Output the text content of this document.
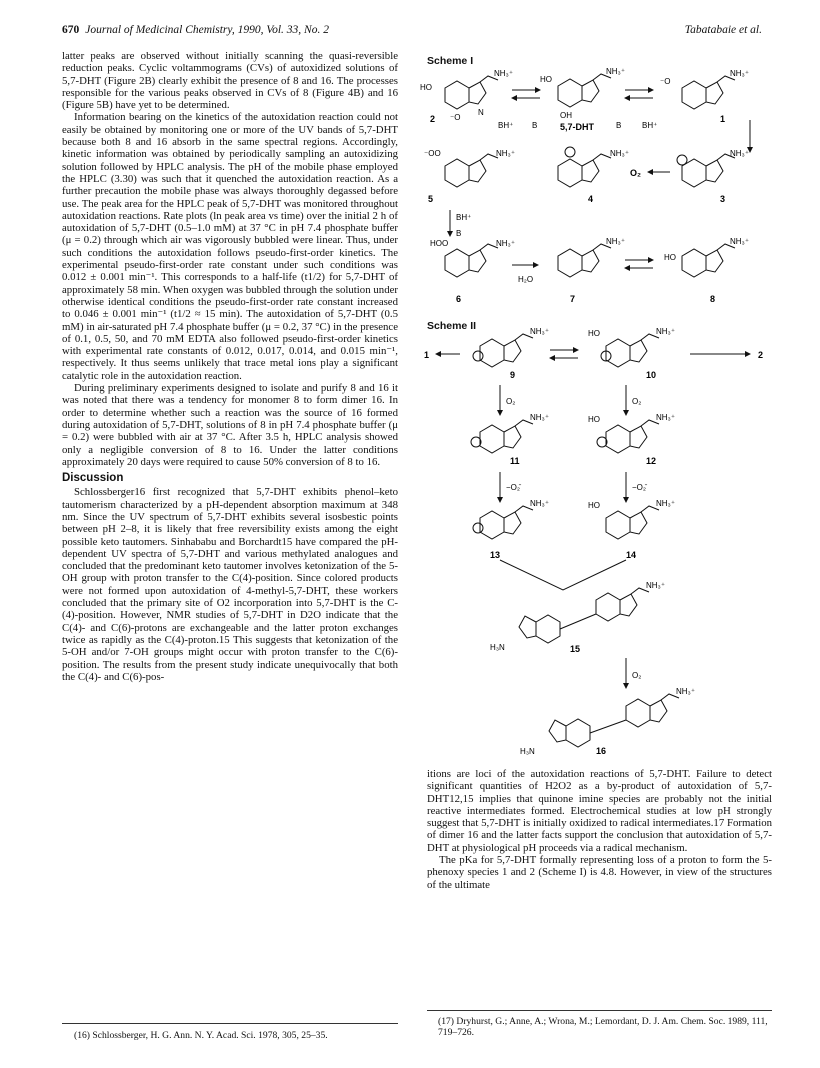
670 Journal of Medicinal Chemistry, 1990, Vol. 33, No. 2	Tabatabaie et al.

latter peaks are observed without initially scanning the quasi-reversible reduction peaks. Cyclic voltammograms (CVs) of autoxidized solutions of 5,7-DHT (Figure 2B) clearly exhibit the presence of 8 and 16. The processes responsible for the various peaks observed in CVs of 8 (Figure 4B) and 16 (Figure 5B) have yet to be determined.

Information bearing on the kinetics of the autoxidation reaction could not easily be obtained by monitoring one or more of the UV bands of 5,7-DHT because both 8 and 16 absorb in the same spectral regions. Accordingly, kinetic information was obtained by periodically sampling an autoxidizing solution followed by HPLC analysis. The pH of the mobile phase employed the HPLC (3.30) was such that it quenched the autoxidation reaction. As a further precaution the mobile phase was always thoroughly degassed before use. The peak area for the HPLC peak of 5,7-DHT was monitored throughout autoxidation reactions. Rate plots (ln peak area vs time) over the initial 2 h of autoxidation of 5,7-DHT (0.5–1.0 mM) at 37 °C in pH 7.4 phosphate buffer (μ = 0.2) through which air was vigorously bubbled were linear. Thus, under such conditions the autoxidation follows pseudo-first-order kinetics. The experimental pseudo-first-order rate constant under such conditions was 0.012 ± 0.001 min⁻¹. This corresponds to a half-life (t1/2) for 5,7-DHT of approximately 58 min. When oxygen was bubbled through the solution under otherwise identical conditions the pseudo-first-order rate constant increased to 0.046 ± 0.001 min⁻¹ (t1/2 ≈ 15 min). The autoxidation of 5,7-DHT (0.5 mM) in air-saturated pH 7.4 phosphate buffer (μ = 0.2, 37 °C) in the presence of 0.1, 0.5, 50, and 70 mM EDTA also followed pseudo-first-order kinetics with experimental rate constants of 0.012, 0.017, 0.014, and 0.015 min⁻¹, respectively. It thus seems unlikely that trace metal ions play a significant catalytic role in the autoxidation reaction.

During preliminary experiments designed to isolate and purify 8 and 16 it was noted that there was a tendency for monomer 8 to form dimer 16. In order to determine whether such a reaction was the source of 16 formed during autoxidation of 5,7-DHT, solutions of 8 in pH 7.4 phosphate buffer (μ = 0.2) were bubbled with air at 37 °C. After 3.5 h, HPLC analysis showed only a negligible conversion of 8 to 16. Under the latter conditions approximately 20 days were required to cause 50% conversion of 8 to 16.

Discussion

Schlossberger16 first recognized that 5,7-DHT exhibits phenol–keto tautomerism characterized by a pH-dependent absorption maximum at 348 nm. Since the UV spectrum of 5,7-DHT exhibits several isosbestic points between pH 2–8, it is likely that free reversibility exists among the eight possible keto tautomers. Sinhababu and Borchardt15 have compared the pH-dependent UV spectra of 5,7-DHT and various methylated analogues and concluded that the predominant keto tautomer involves ketonization of the 5-OH group with proton transfer to the C(4)-position. Since colored products were not formed upon autoxidation of 4-methyl-5,7-DHT, these workers concluded that the primary site of O2 incorporation into 5,7-DHT is the C-(4)-position. However, NMR studies of 5,7-DHT in D2O indicate that the C(4)- and C(6)-protons are exchangeable and the latter proton exchanges twice as rapidly as the C(4)-proton.15 This suggests that ketonization of the 5-OH and/or 7-OH groups might occur with proton transfer to the C(6)-position. The results from the present study indicate unequivocally that both the C(4)- and C(6)-pos-

(16) Schlossberger, H. G. Ann. N. Y. Acad. Sci. 1978, 305, 25–35.
Scheme I
Scheme II
HO
NH₃⁺
⁻O
N
2
BH⁺ B
HO
NH₃⁺
OH
5,7-DHT	B	BH⁺
⁻O
NH₃⁺
1
⁻OO	NH₃⁺
5
NH₃⁺
4
O₂
NH₃⁺
3
BH⁺
B
HOO	NH₃⁺
6
H₂O
NH₃⁺
7
HO
NH₃⁺
8
1
NH₃⁺
9
HO	NH₃⁺
10
2
O₂	O₂
NH₃⁺
11
HO	NH₃⁺
12
−O₂̄	−O₂̄
NH₃⁺
13
HO	NH₃⁺
14
NH₃⁺
H₃N	15
O₂
NH₃⁺
H₃N	16

itions are loci of the autoxidation reactions of 5,7-DHT. Failure to detect significant quantities of H2O2 as a by-product of autoxidation of 5,7-DHT12,15 implies that quinone imine species are probably not the initial reactive intermediates formed. Electrochemical studies at low pH strongly suggest that 5,7-DHT is initially oxidized to radical intermediates.17 Formation of dimer 16 and the latter facts support the conclusion that autoxidation of 5,7-DHT at physiological pH proceeds via a radical mechanism.

The pKa for 5,7-DHT formally representing loss of a proton to form the 5-phenoxy species 1 and 2 (Scheme I) is 4.8. However, in view of the structures of the ultimate

(17) Dryhurst, G.; Anne, A.; Wrona, M.; Lemordant, D. J. Am. Chem. Soc. 1989, 111, 719–726.
